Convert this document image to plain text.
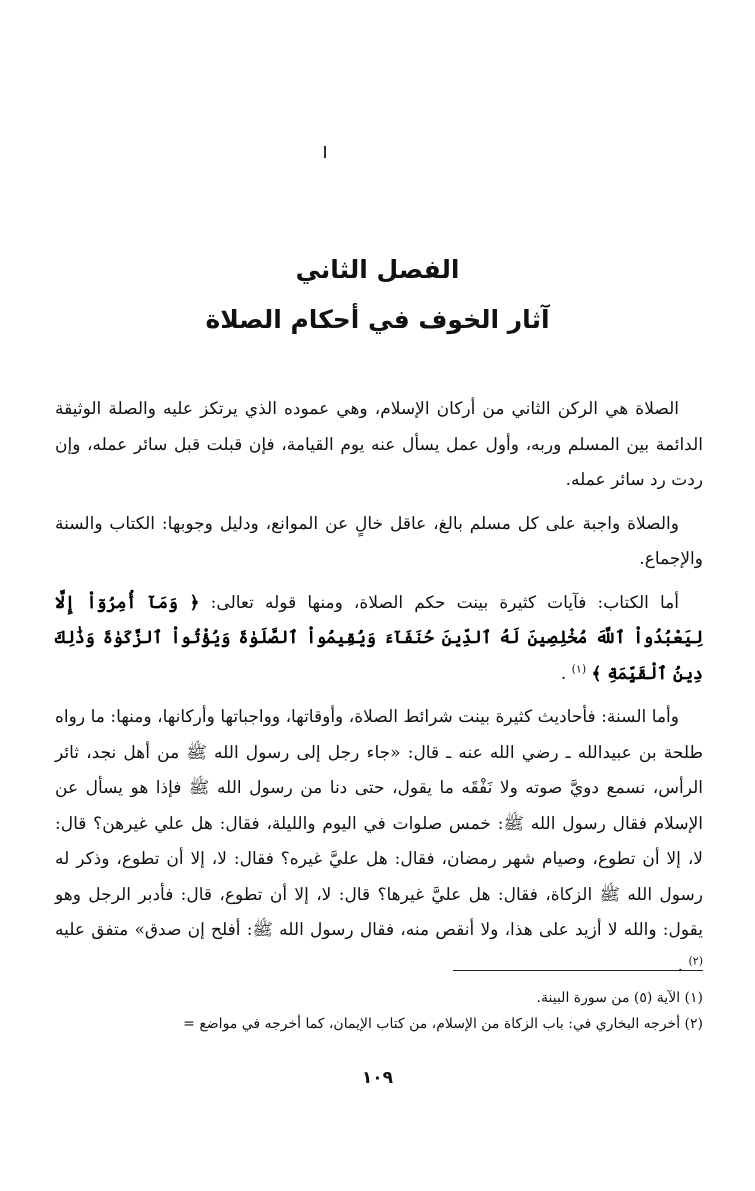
الفصل الثاني
آثار الخوف في أحكام الصلاة

الصلاة هي الركن الثاني من أركان الإسلام، وهي عموده الذي يرتكز عليه والصلة الوثيقة الدائمة بين المسلم وربه، وأول عمل يسأل عنه يوم القيامة، فإن قبلت قبل سائر عمله، وإن ردت رد سائر عمله.

والصلاة واجبة على كل مسلم بالغ، عاقل خالٍ عن الموانع، ودليل وجوبها: الكتاب والسنة والإجماع.

أما الكتاب: فآيات كثيرة بينت حكم الصلاة، ومنها قوله تعالى: ﴿ وَمَآ أُمِرُوٓاْ إِلَّا لِيَعْبُدُواْ ٱللَّهَ مُخْلِصِينَ لَهُ ٱلدِّينَ حُنَفَآءَ وَيُقِيمُواْ ٱلصَّلَوٰةَ وَيُؤْتُواْ ٱلزَّكَوٰةَ وَذَٰلِكَ دِينُ ٱلْقَيِّمَةِ ﴾ $^{(١)}$ .

وأما السنة: فأحاديث كثيرة بينت شرائط الصلاة، وأوقاتها، وواجباتها وأركانها، ومنها: ما رواه طلحة بن عبيدالله ـ رضي الله عنه ـ قال: «جاء رجل إلى رسول الله ﷺ من أهل نجد، ثائر الرأس، نسمع دويَّ صوته ولا نَفْقَه ما يقول، حتى دنا من رسول الله ﷺ فإذا هو يسأل عن الإسلام فقال رسول الله ﷺ: خمس صلوات في اليوم والليلة، فقال: هل علي غيرهن؟ قال: لا، إلا أن تطوع، وصيام شهر رمضان، فقال: هل عليَّ غيره؟ فقال: لا، إلا أن تطوع، وذكر له رسول الله ﷺ الزكاة، فقال: هل عليَّ غيرها؟ قال: لا، إلا أن تطوع، قال: فأدبر الرجل وهو يقول: والله لا أزيد على هذا، ولا أنقص منه، فقال رسول الله ﷺ: أفلح إن صدق» متفق عليه $^{(٢)}$ .

(١) الآية (٥) من سورة البينة.
(٢) أخرجه البخاري في: باب الزكاة من الإسلام، من كتاب الإيمان، كما أخرجه في مواضع =
١٠٩
